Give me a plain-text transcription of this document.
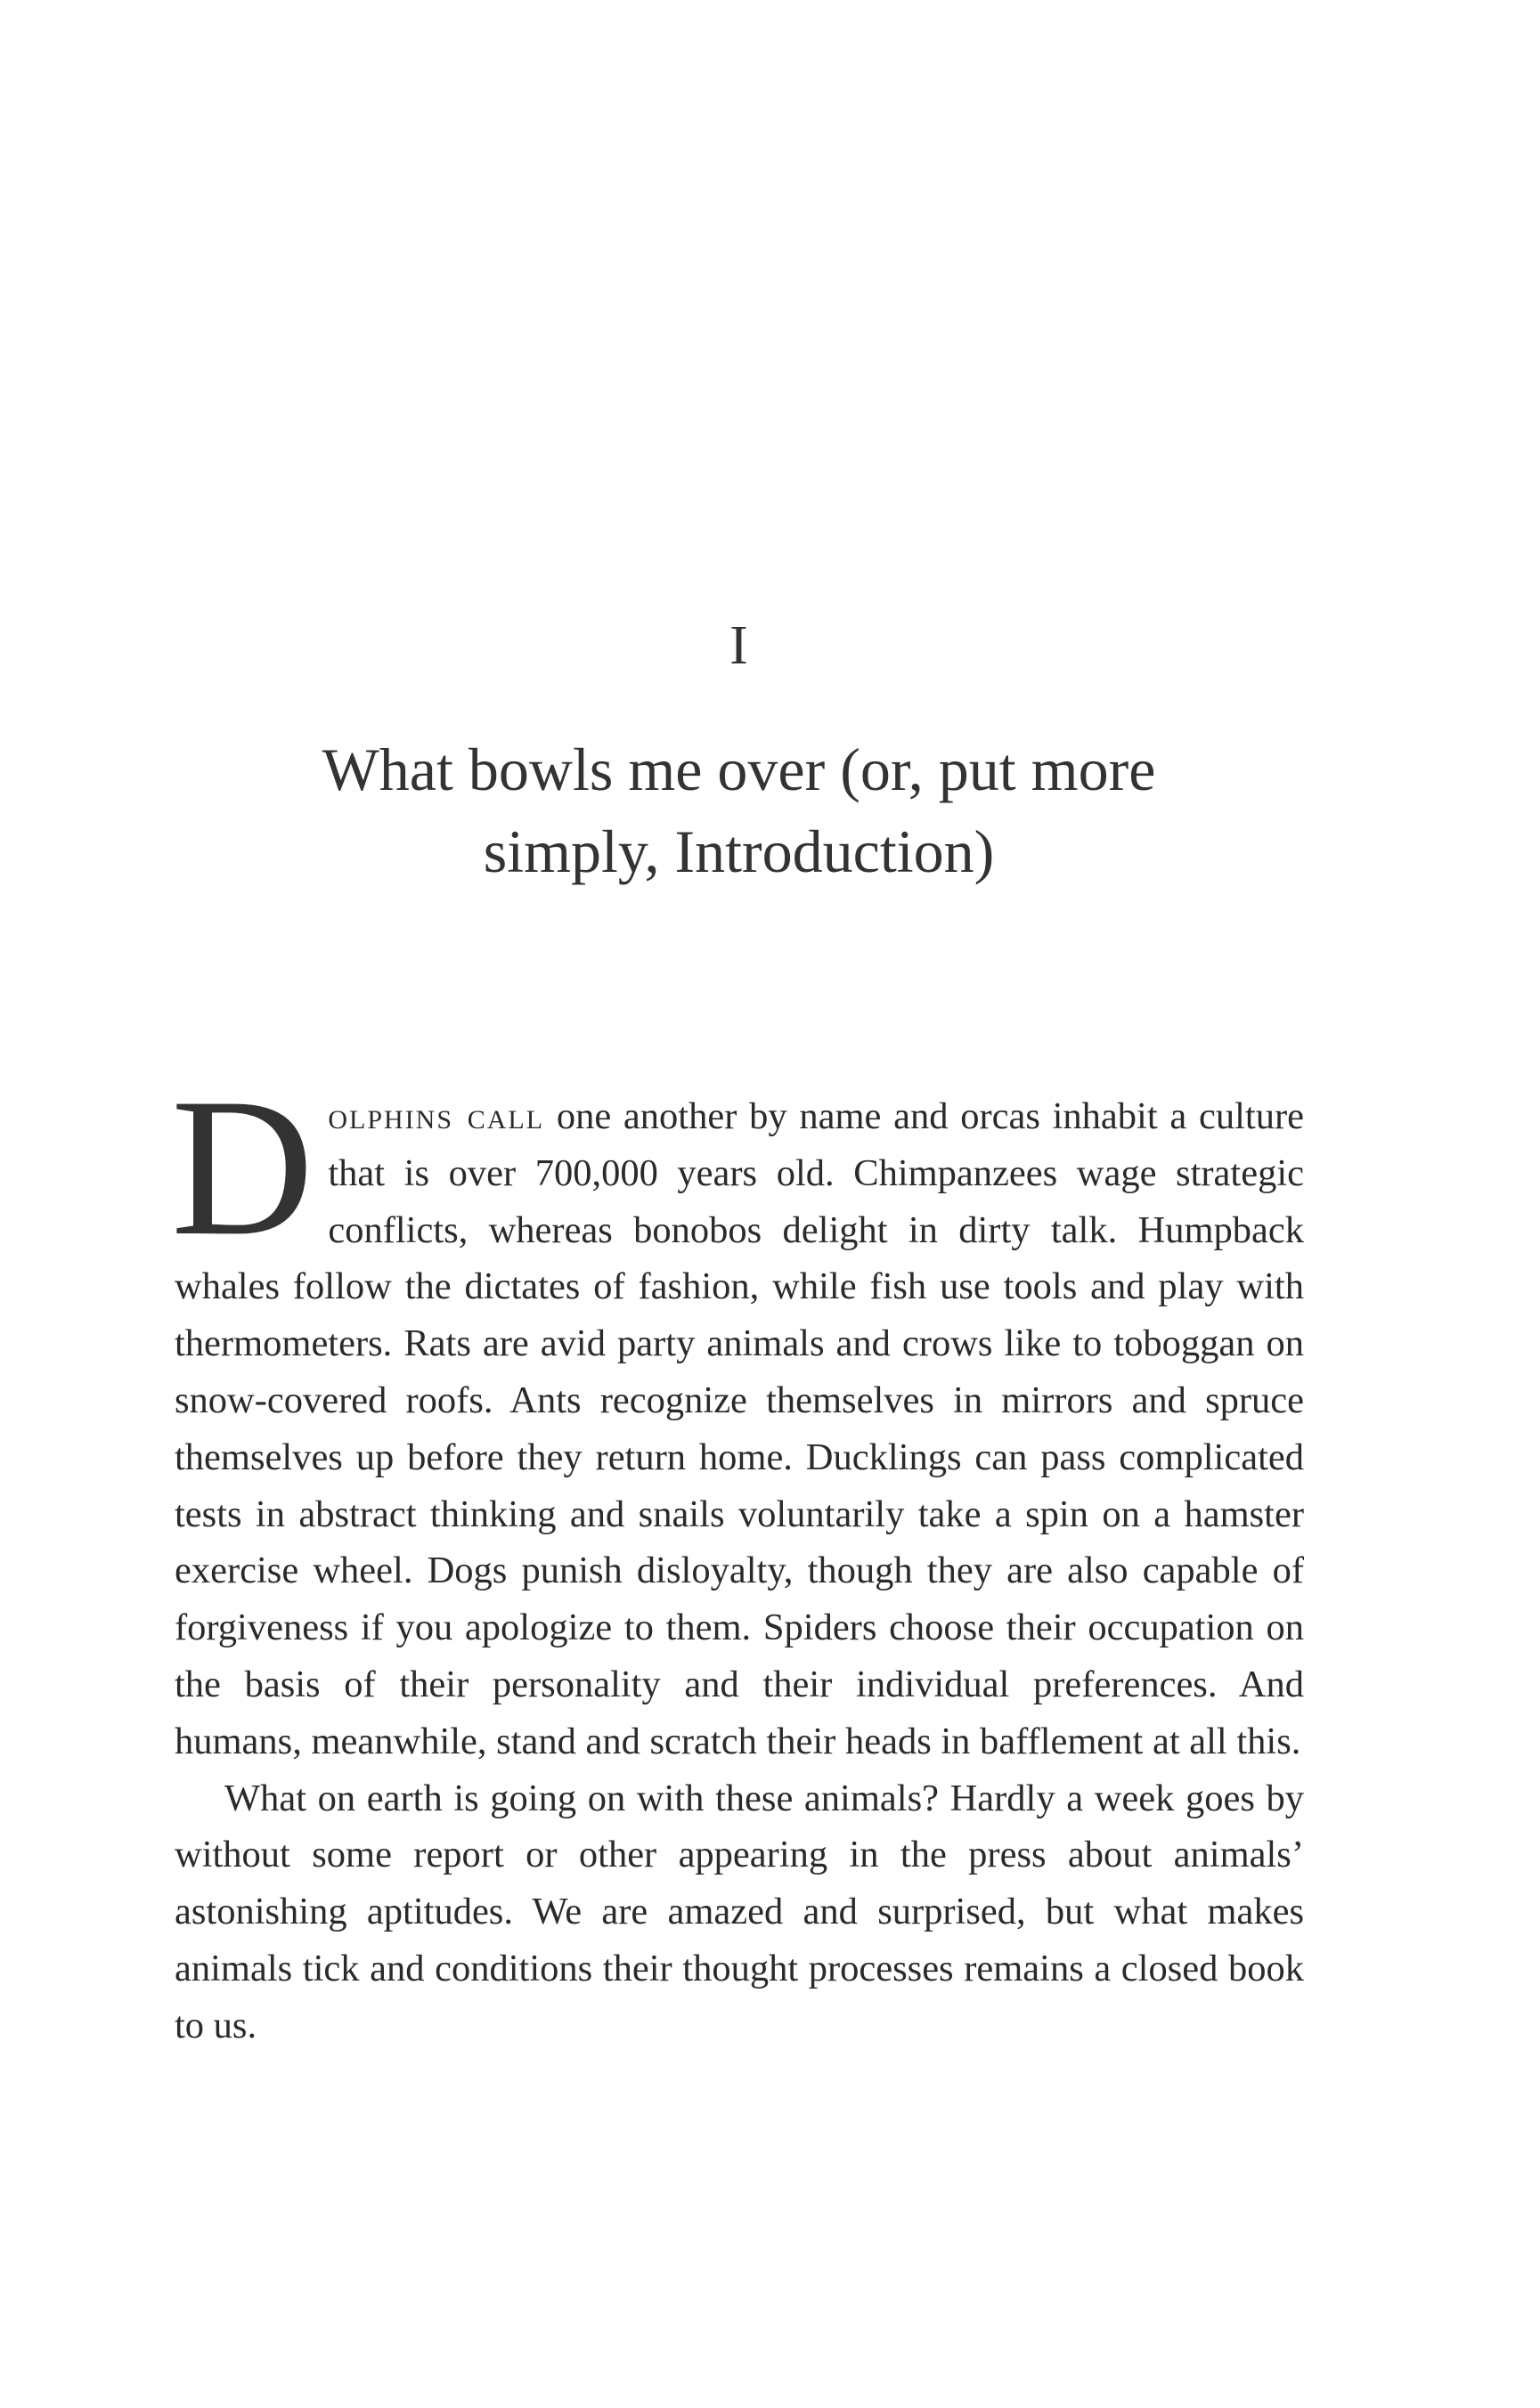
I
What bowls me over (or, put more simply, Introduction)

Dolphins call one another by name and orcas inhabit a culture that is over 700,000 years old. Chimpanzees wage strategic conflicts, whereas bonobos delight in dirty talk. Humpback whales follow the dictates of fashion, while fish use tools and play with thermometers. Rats are avid party animals and crows like to toboggan on snow-covered roofs. Ants recognize themselves in mirrors and spruce themselves up before they return home. Ducklings can pass complicated tests in abstract thinking and snails voluntarily take a spin on a hamster exercise wheel. Dogs punish disloyalty, though they are also capable of forgiveness if you apologize to them. Spiders choose their occupation on the basis of their personality and their individual preferences. And humans, meanwhile, stand and scratch their heads in bafflement at all this.

What on earth is going on with these animals? Hardly a week goes by without some report or other appearing in the press about animals’ astonishing aptitudes. We are amazed and surprised, but what makes animals tick and conditions their thought processes remains a closed book to us.
